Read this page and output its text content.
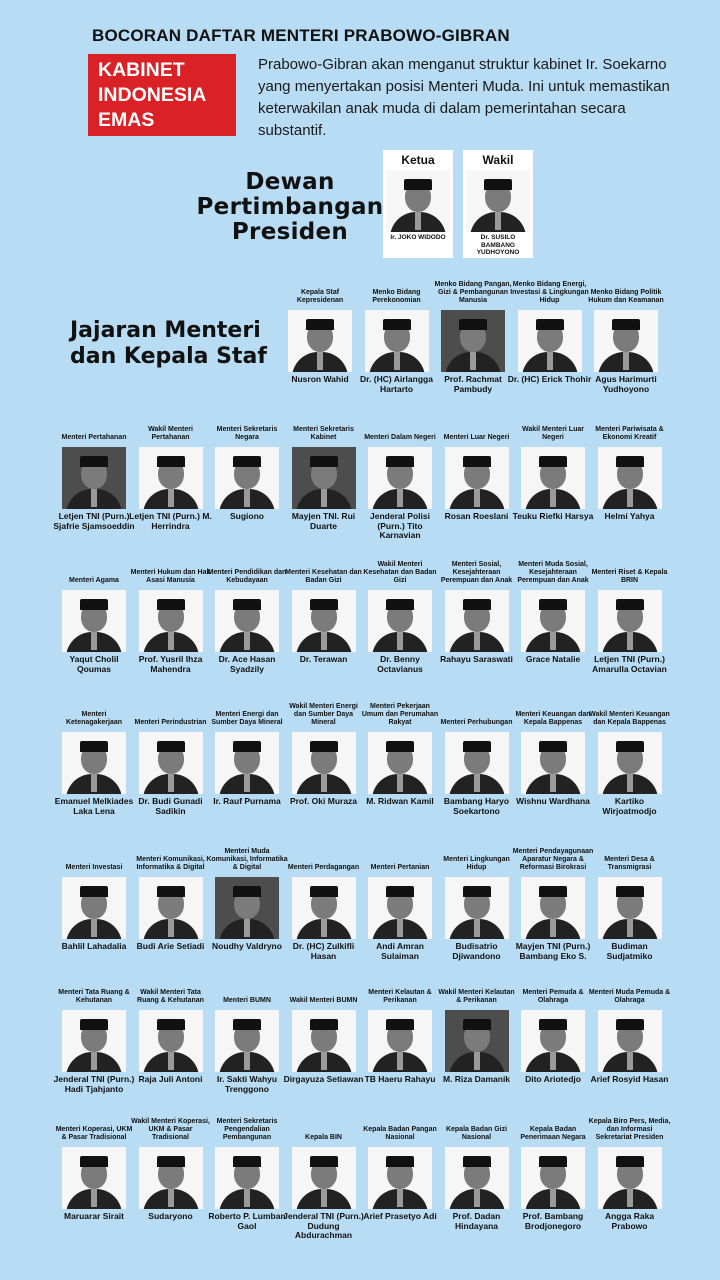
BOCORAN DAFTAR MENTERI PRABOWO-GIBRAN
KABINET
INDONESIA
EMAS
Prabowo-Gibran akan menganut struktur kabinet Ir. Soekarno yang menyertakan posisi Menteri Muda. Ini untuk memastikan keterwakilan anak muda di dalam pemerintahan secara substantif.
Dewan
Pertimbangan
Presiden
Ketua
Ir. JOKO WIDODO
Wakil
Dr. SUSILO BAMBANG YUDHOYONO
Jajaran Menteri
dan Kepala Staf
Kepala Staf Kepresidenan
Nusron Wahid
Menko Bidang Perekonomian
Dr. (HC) Airlangga Hartarto
Menko Bidang Pangan, Gizi & Pembangunan Manusia
Prof. Rachmat Pambudy
Menko Bidang Energi, Investasi & Lingkungan Hidup
Dr. (HC) Erick Thohir
Menko Bidang Politik Hukum dan Keamanan
Agus Harimurti Yudhoyono
Menteri Pertahanan
Letjen TNI (Purn.) Sjafrie Sjamsoeddin
Wakil Menteri Pertahanan
Letjen TNI (Purn.) M. Herrindra
Menteri Sekretaris Negara
Sugiono
Menteri Sekretaris Kabinet
Mayjen TNI. Rui Duarte
Menteri Dalam Negeri
Jenderal Polisi (Purn.) Tito Karnavian
Menteri Luar Negeri
Rosan Roeslani
Wakil Menteri Luar Negeri
Teuku Riefki Harsya
Menteri Pariwisata & Ekonomi Kreatif
Helmi Yahya
Menteri Agama
Yaqut Cholil Qoumas
Menteri Hukum dan Hak Asasi Manusia
Prof. Yusril Ihza Mahendra
Menteri Pendidikan dan Kebudayaan
Dr. Ace Hasan Syadzily
Menteri Kesehatan dan Badan Gizi
Dr. Terawan
Wakil Menteri Kesehatan dan Badan Gizi
Dr. Benny Octavianus
Menteri Sosial, Kesejahteraan Perempuan dan Anak
Rahayu Saraswati
Menteri Muda Sosial, Kesejahteraan Perempuan dan Anak
Grace Natalie
Menteri Riset & Kepala BRIN
Letjen TNI (Purn.) Amarulla Octavian
Menteri Ketenagakerjaan
Emanuel Melkiades Laka Lena
Menteri Perindustrian
Dr. Budi Gunadi Sadikin
Menteri Energi dan Sumber Daya Mineral
Ir. Rauf Purnama
Wakil Menteri Energi dan Sumber Daya Mineral
Prof. Oki Muraza
Menteri Pekerjaan Umum dan Perumahan Rakyat
M. Ridwan Kamil
Menteri Perhubungan
Bambang Haryo Soekartono
Menteri Keuangan dan Kepala Bappenas
Wishnu Wardhana
Wakil Menteri Keuangan dan Kepala Bappenas
Kartiko Wirjoatmodjo
Menteri Investasi
Bahlil Lahadalia
Menteri Komunikasi, Informatika & Digital
Budi Arie Setiadi
Menteri Muda Komunikasi, Informatika & Digital
Noudhy Valdryno
Menteri Perdagangan
Dr. (HC) Zulkifli Hasan
Menteri Pertanian
Andi Amran Sulaiman
Menteri Lingkungan Hidup
Budisatrio Djiwandono
Menteri Pendayagunaan Aparatur Negara & Reformasi Birokrasi
Mayjen TNI (Purn.) Bambang Eko S.
Menteri Desa & Transmigrasi
Budiman Sudjatmiko
Menteri Tata Ruang & Kehutanan
Jenderal TNI (Purn.) Hadi Tjahjanto
Wakil Menteri Tata Ruang & Kehutanan
Raja Juli Antoni
Menteri BUMN
Ir. Sakti Wahyu Trenggono
Wakil Menteri BUMN
Dirgayuza Setiawan
Menteri Kelautan & Perikanan
TB Haeru Rahayu
Wakil Menteri Kelautan & Perikanan
M. Riza Damanik
Menteri Pemuda & Olahraga
Dito Ariotedjo
Menteri Muda Pemuda & Olahraga
Arief Rosyid Hasan
Menteri Koperasi, UKM & Pasar Tradisional
Maruarar Sirait
Wakil Menteri Koperasi, UKM & Pasar Tradisional
Sudaryono
Menteri Sekretaris Pengendalian Pembangunan
Roberto P. Lumban Gaol
Kepala BIN
Jenderal TNI (Purn.) Dudung Abdurachman
Kepala Badan Pangan Nasional
Arief Prasetyo Adi
Kepala Badan Gizi Nasional
Prof. Dadan Hindayana
Kepala Badan Penerimaan Negara
Prof. Bambang Brodjonegoro
Kepala Biro Pers, Media, dan Informasi Sekretariat Presiden
Angga Raka Prabowo
